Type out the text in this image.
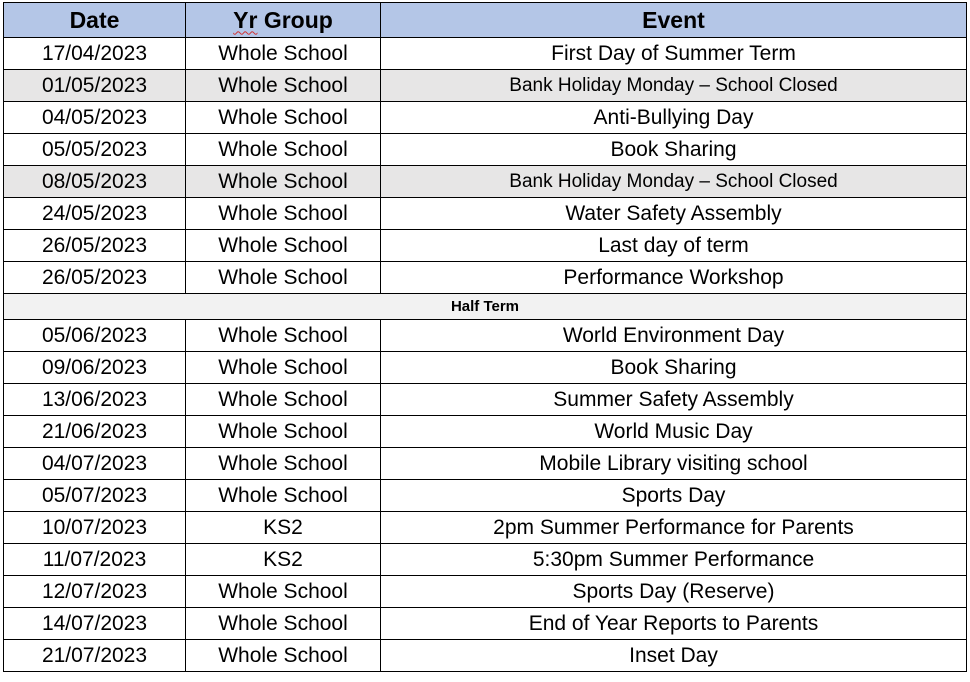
Date	Yr Group	Event
17/04/2023	Whole School	First Day of Summer Term
01/05/2023	Whole School	Bank Holiday Monday – School Closed
04/05/2023	Whole School	Anti-Bullying Day
05/05/2023	Whole School	Book Sharing
08/05/2023	Whole School	Bank Holiday Monday – School Closed
24/05/2023	Whole School	Water Safety Assembly
26/05/2023	Whole School	Last day of term
26/05/2023	Whole School	Performance Workshop
Half Term		
05/06/2023	Whole School	World Environment Day
09/06/2023	Whole School	Book Sharing
13/06/2023	Whole School	Summer Safety Assembly
21/06/2023	Whole School	World Music Day
04/07/2023	Whole School	Mobile Library visiting school
05/07/2023	Whole School	Sports Day
10/07/2023	KS2	2pm Summer Performance for Parents
11/07/2023	KS2	5:30pm Summer Performance
12/07/2023	Whole School	Sports Day (Reserve)
14/07/2023	Whole School	End of Year Reports to Parents
21/07/2023	Whole School	Inset Day
